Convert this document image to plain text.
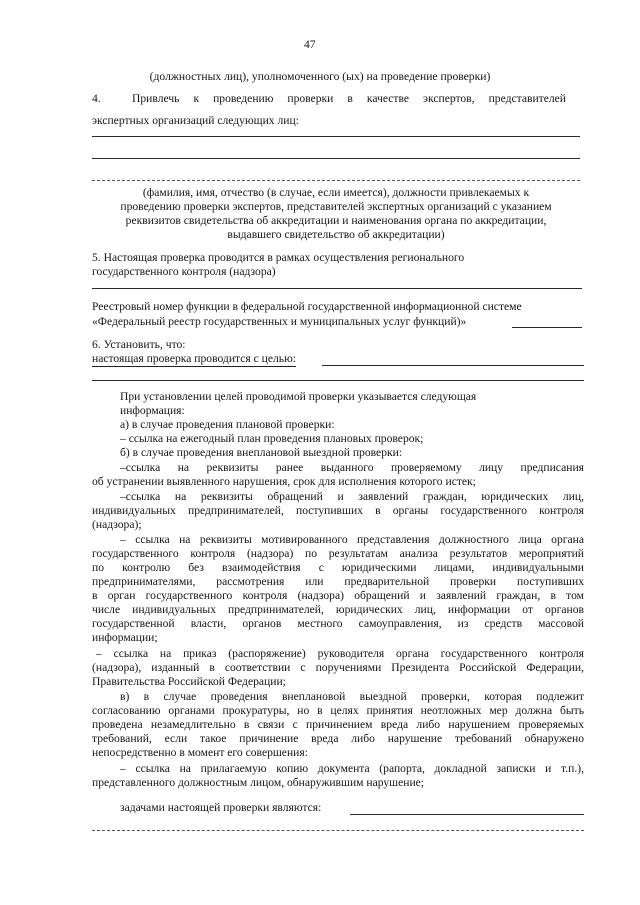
47
(должностных лиц), уполномоченного (ых) на проведение проверки)
4.	Привлечь к проведению проверки в качестве экспертов, представителей
экспертных организаций следующих лиц:
(фамилия, имя, отчество (в случае, если имеется), должности привлекаемых к
проведению проверки экспертов, представителей экспертных организаций с указанием
реквизитов свидетельства об аккредитации и наименования органа по аккредитации,
выдавшего свидетельство об аккредитации)
5. Настоящая проверка проводится в рамках осуществления регионального
государственного контроля (надзора)
Реестровый номер функции в федеральной государственной информационной системе
«Федеральный реестр государственных и муниципальных услуг функций)»
6. Установить, что:
настоящая проверка проводится с целью:
При установлении целей проводимой проверки указывается следующая
информация:
а) в случае проведения плановой проверки:
– ссылка на ежегодный план проведения плановых проверок;
б) в случае проведения внеплановой выездной проверки:
–ссылка на реквизиты ранее выданного проверяемому лицу предписания
об устранении выявленного нарушения, срок для исполнения которого истек;
–ссылка на реквизиты обращений и заявлений граждан, юридических лиц,
индивидуальных предпринимателей, поступивших в органы государственного контроля
(надзора);
– ссылка на реквизиты мотивированного представления должностного лица органа
государственного контроля (надзора) по результатам анализа результатов мероприятий
по контролю без взаимодействия с юридическими лицами, индивидуальными
предпринимателями, рассмотрения или предварительной проверки поступивших
в орган государственного контроля (надзора) обращений и заявлений граждан, в том
числе индивидуальных предпринимателей, юридических лиц, информации от органов
государственной власти, органов местного самоуправления, из средств массовой
информации;
– ссылка на приказ (распоряжение) руководителя органа государственного контроля
(надзора), изданный в соответствии с поручениями Президента Российской Федерации,
Правительства Российской Федерации;
в) в случае проведения внеплановой выездной проверки, которая подлежит
согласованию органами прокуратуры, но в целях принятия неотложных мер должна быть
проведена незамедлительно в связи с причинением вреда либо нарушением проверяемых
требований, если такое причинение вреда либо нарушение требований обнаружено
непосредственно в момент его совершения:
– ссылка на прилагаемую копию документа (рапорта, докладной записки и т.п.),
представленного должностным лицом, обнаружившим нарушение;
задачами настоящей проверки являются:
